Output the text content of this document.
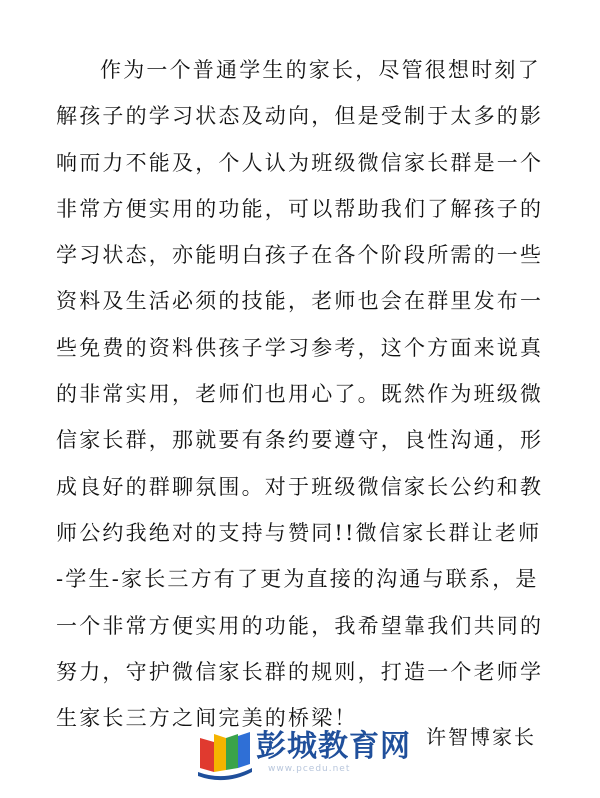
作为一个普通学生的家长，尽管很想时刻了
解孩子的学习状态及动向，但是受制于太多的影
响而力不能及，个人认为班级微信家长群是一个
非常方便实用的功能，可以帮助我们了解孩子的
学习状态，亦能明白孩子在各个阶段所需的一些
资料及生活必须的技能，老师也会在群里发布一
些免费的资料供孩子学习参考，这个方面来说真
的非常实用，老师们也用心了。既然作为班级微
信家长群，那就要有条约要遵守，良性沟通，形
成良好的群聊氛围。对于班级微信家长公约和教
师公约我绝对的支持与赞同!!微信家长群让老师
-学生-家长三方有了更为直接的沟通与联系，是
一个非常方便实用的功能，我希望靠我们共同的
努力，守护微信家长群的规则，打造一个老师学
生家长三方之间完美的桥梁！
彭城教育网
www.pcedu.net
许智博家长
